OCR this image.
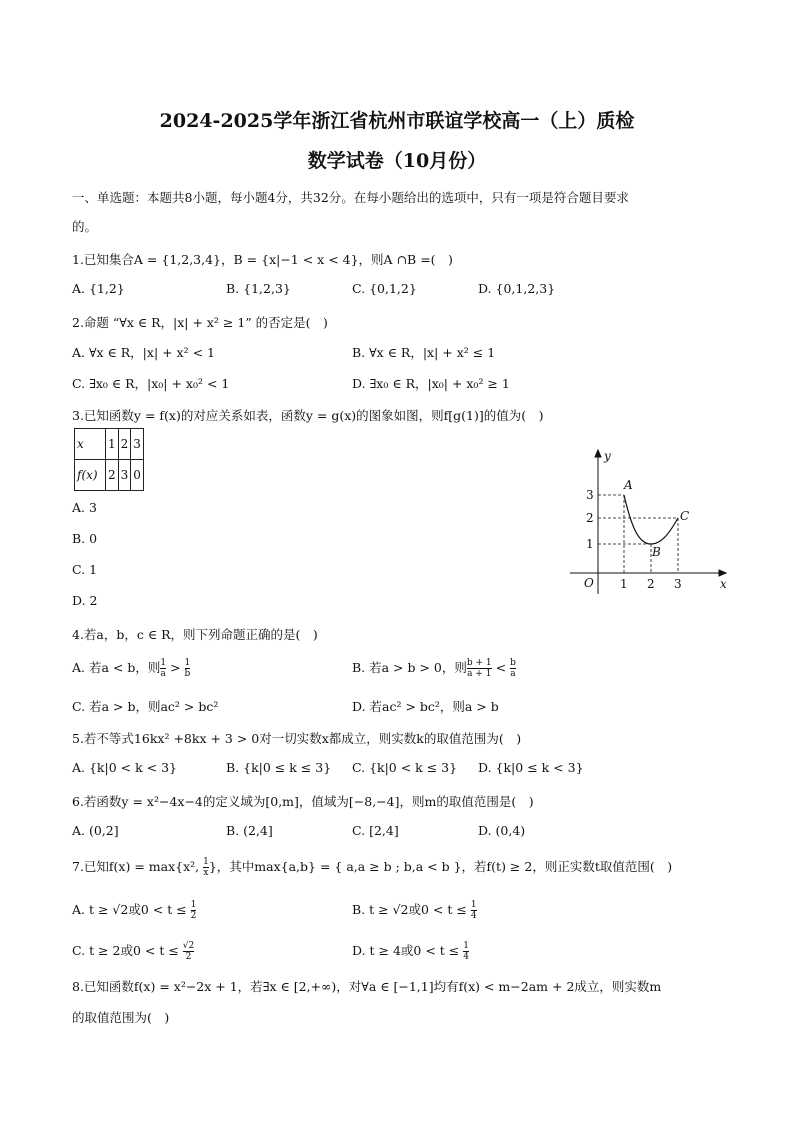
2024-2025学年浙江省杭州市联谊学校高一（上）质检
数学试卷（10月份）
一、单选题：本题共8小题，每小题4分，共32分。在每小题给出的选项中，只有一项是符合题目要求
的。
1.已知集合A = {1,2,3,4}，B = {x|−1 < x < 4}，则A ∩B =(　)
A. {1,2}	B. {1,2,3}	C. {0,1,2}	D. {0,1,2,3}
2.命题 “∀x ∈ R，|x| + x² ≥ 1” 的否定是(　)
A. ∀x ∈ R，|x| + x² < 1	B. ∀x ∈ R，|x| + x² ≤ 1
C. ∃x₀ ∈ R，|x₀| + x₀² < 1	D. ∃x₀ ∈ R，|x₀| + x₀² ≥ 1
3.已知函数y = f(x)的对应关系如表，函数y = g(x)的图象如图，则f[g(1)]的值为(　)
x	1	2	3
f(x)	2	3	0
A. 3
B. 0
C. 1
D. 2
y
x
O 1 2 3
1
2
3
A
B
C
4.若a，b，c ∈ R，则下列命题正确的是(　)
A. 若a < b，则 $\frac{1}{a} > \frac{1}{b}$	B. 若a > b > 0，则 $\frac{b + 1}{a + 1} < \frac{b}{a}$
C. 若a > b，则ac² > bc²	D. 若ac² > bc²，则a > b
5.若不等式16kx² +8kx + 3 > 0对一切实数x都成立，则实数k的取值范围为(　)
A. {k|0 < k < 3}	B. {k|0 ≤ k ≤ 3} C. {k|0 < k ≤ 3} D. {k|0 ≤ k < 3}
6.若函数y = x²−4x−4的定义域为[0,m]，值域为[−8,−4]，则m的取值范围是(　)
A. (0,2]	B. (2,4]	C. [2,4]	D. (0,4)
7.已知f(x) = max{x², $\frac{1}{x}$ }，其中max{a,b} = { a,a ≥ b ; b,a < b }，若f(t) ≥ 2，则正实数t取值范围(　)
A. t ≥ √2或$0 < t \le \frac{1}{2}$	B. t ≥ √2或$0 < t \le \frac{1}{4}$
C. t ≥ 2或$0 < t \le \frac{√2}{2}$	D. t ≥ 4或$0 < t \le \frac{1}{4}$
8.已知函数f(x) = x²−2x + 1，若∃x ∈ [2,+∞)，对∀a ∈ [−1,1]均有f(x) < m−2am + 2成立，则实数m
的取值范围为(　)
